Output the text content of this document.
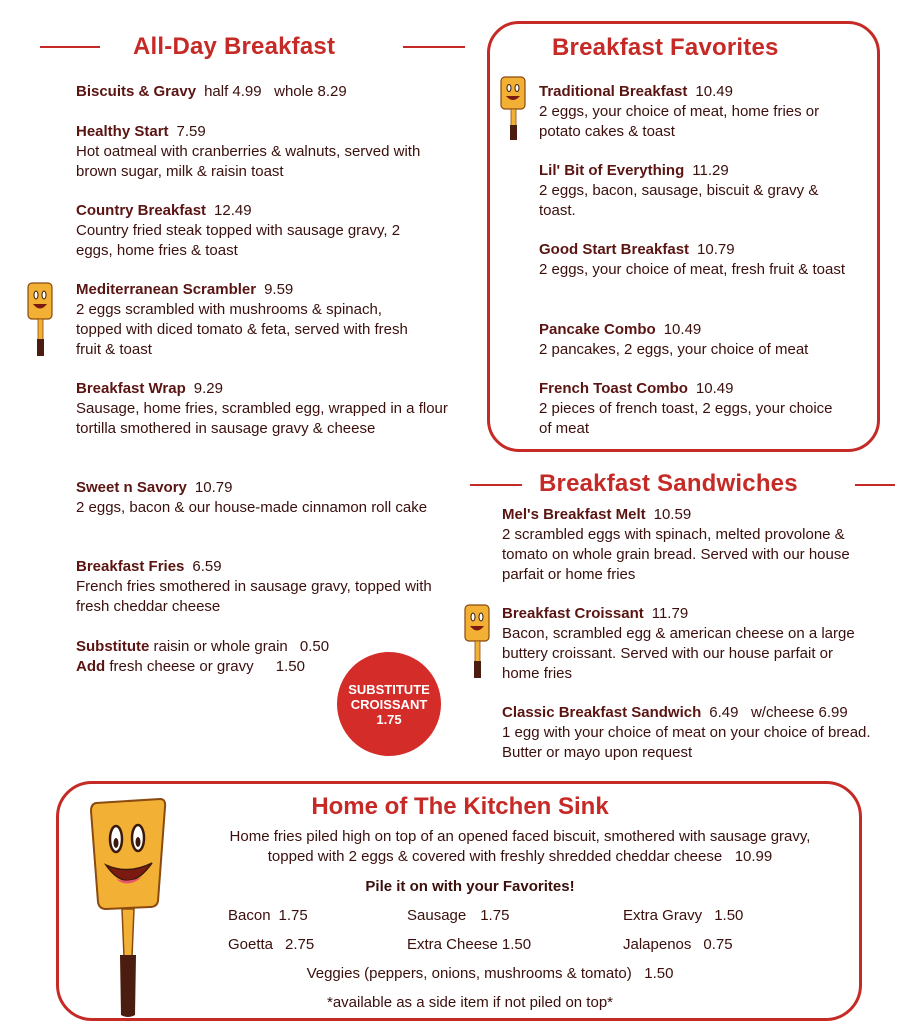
All-Day Breakfast
Biscuits & Gravy half 4.99   whole 8.29
Healthy Start 7.59
Hot oatmeal with cranberries & walnuts, served with brown sugar, milk & raisin toast
Country Breakfast 12.49
Country fried steak topped with sausage gravy, 2 eggs, home fries & toast
Mediterranean Scrambler 9.59
2 eggs scrambled with mushrooms & spinach, topped with diced tomato & feta, served with fresh fruit & toast
Breakfast Wrap 9.29
Sausage, home fries, scrambled egg, wrapped in a flour tortilla smothered in sausage gravy & cheese
Sweet n Savory 10.79
2 eggs, bacon & our house-made cinnamon roll cake
Breakfast Fries 6.59
French fries smothered in sausage gravy, topped with fresh cheddar cheese
Substitute raisin or whole grain 0.50
Add fresh cheese or gravy 1.50
SUBSTITUTE
CROISSANT
1.75
Breakfast Favorites
Traditional Breakfast 10.49
2 eggs, your choice of meat, home fries or potato cakes & toast
Lil' Bit of Everything 11.29
2 eggs, bacon, sausage, biscuit & gravy & toast.
Good Start Breakfast 10.79
2 eggs, your choice of meat, fresh fruit & toast
Pancake Combo 10.49
2 pancakes, 2 eggs, your choice of meat
French Toast Combo 10.49
2 pieces of french toast, 2 eggs, your choice of meat
Breakfast Sandwiches
Mel's Breakfast Melt 10.59
2 scrambled eggs with spinach, melted provolone & tomato on whole grain bread. Served with our house parfait or home fries
Breakfast Croissant 11.79
Bacon, scrambled egg & american cheese on a large buttery croissant. Served with our house parfait or home fries
Classic Breakfast Sandwich 6.49   w/cheese 6.99
1 egg with your choice of meat on your choice of bread.  Butter or mayo upon request
Home of The Kitchen Sink
Home fries piled high on top of an opened faced biscuit, smothered with sausage gravy,
topped with 2 eggs & covered with freshly shredded cheddar cheese   10.99
Pile it on with your Favorites!
Bacon 1.75	Sausage 1.75	Extra Gravy 1.50
Goetta 2.75	Extra Cheese 1.50	Jalapenos 0.75
Veggies (peppers, onions, mushrooms & tomato)   1.50
*available as a side item if not piled on top*
